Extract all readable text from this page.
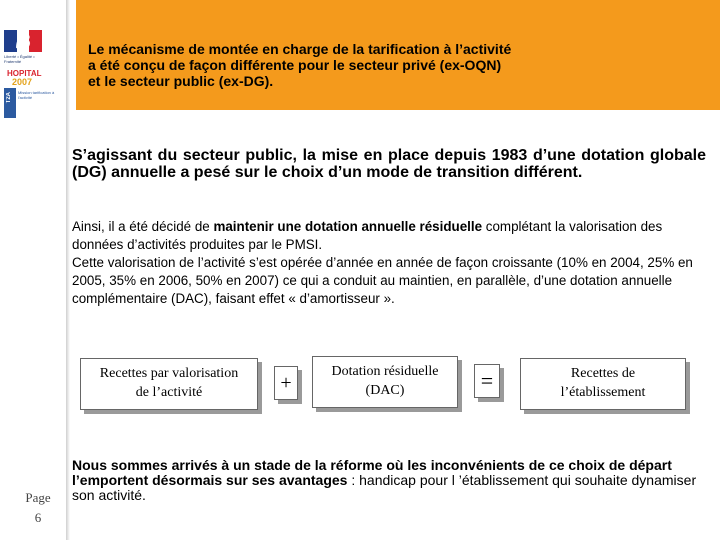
Liberté • Égalité • Fraternité

HOPITAL
2007
T2A	Mission tarification à l'activité
Page
6
Le mécanisme de montée en charge de la tarification à l’activité
a été conçu de façon différente pour le secteur privé (ex-OQN)
et le secteur public (ex-DG).
S’agissant du secteur public, la mise en place depuis 1983 d’une dotation globale (DG) annuelle a pesé sur le choix d’un mode de transition différent.
Ainsi, il a été décidé de maintenir une dotation annuelle résiduelle complétant la valorisation des données d’activités produites par le PMSI.
Cette valorisation de l’activité s’est opérée d’année en année de façon croissante (10% en 2004, 25% en 2005, 35% en 2006, 50% en 2007) ce qui a conduit au maintien, en parallèle, d’une dotation annuelle complémentaire (DAC), faisant effet « d’amortisseur ».
Recettes par valorisation
de l’activité	+
Dotation résiduelle
(DAC)	=	Recettes de
l’établissement
Nous sommes arrivés à un stade de la réforme où les inconvénients de ce choix de départ l’emportent désormais sur ses avantages : handicap pour l ’établissement qui souhaite dynamiser son activité.
